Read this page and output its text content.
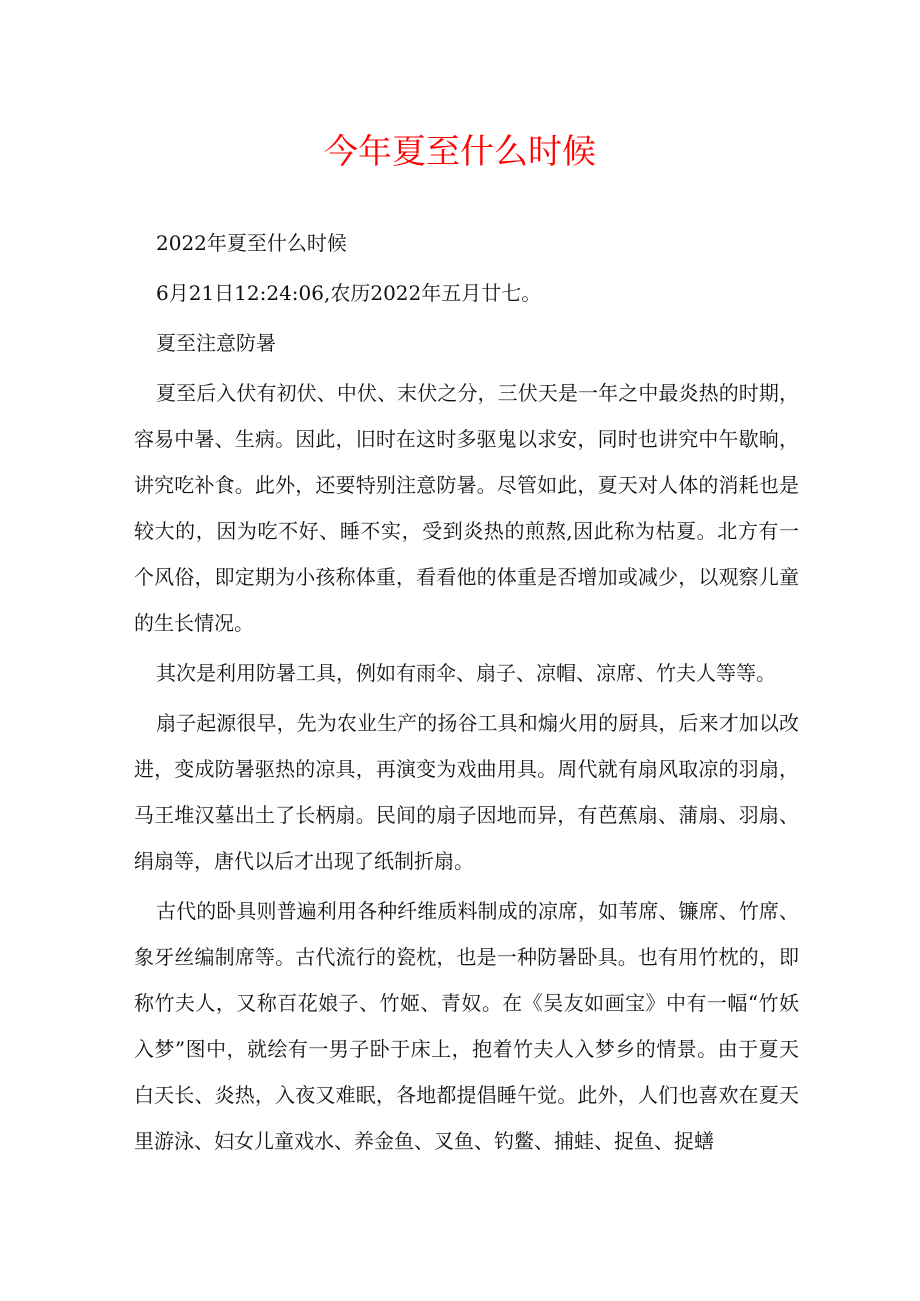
今年夏至什么时候

2022年夏至什么时候

6月21日12:24:06,农历2022年五月廿七。

夏至注意防暑

夏至后入伏有初伏、中伏、末伏之分，三伏天是一年之中最炎热的时期，容易中暑、生病。因此，旧时在这时多驱鬼以求安，同时也讲究中午歇晌，讲究吃补食。此外，还要特别注意防暑。尽管如此，夏天对人体的消耗也是较大的，因为吃不好、睡不实，受到炎热的煎熬,因此称为枯夏。北方有一个风俗，即定期为小孩称体重，看看他的体重是否增加或减少，以观察儿童的生长情况。

其次是利用防暑工具，例如有雨伞、扇子、凉帽、凉席、竹夫人等等。

扇子起源很早，先为农业生产的扬谷工具和煽火用的厨具，后来才加以改进，变成防暑驱热的凉具，再演变为戏曲用具。周代就有扇风取凉的羽扇，马王堆汉墓出土了长柄扇。民间的扇子因地而异，有芭蕉扇、蒲扇、羽扇、绢扇等，唐代以后才出现了纸制折扇。

古代的卧具则普遍利用各种纤维质料制成的凉席，如苇席、镰席、竹席、象牙丝编制席等。古代流行的瓷枕，也是一种防暑卧具。也有用竹枕的，即称竹夫人，又称百花娘子、竹姬、青奴。在《吴友如画宝》中有一幅“竹妖入梦”图中，就绘有一男子卧于床上，抱着竹夫人入梦乡的情景。由于夏天白天长、炎热，入夜又难眠，各地都提倡睡午觉。此外，人们也喜欢在夏天里游泳、妇女儿童戏水、养金鱼、叉鱼、钓鳖、捕蛙、捉鱼、捉蟮
